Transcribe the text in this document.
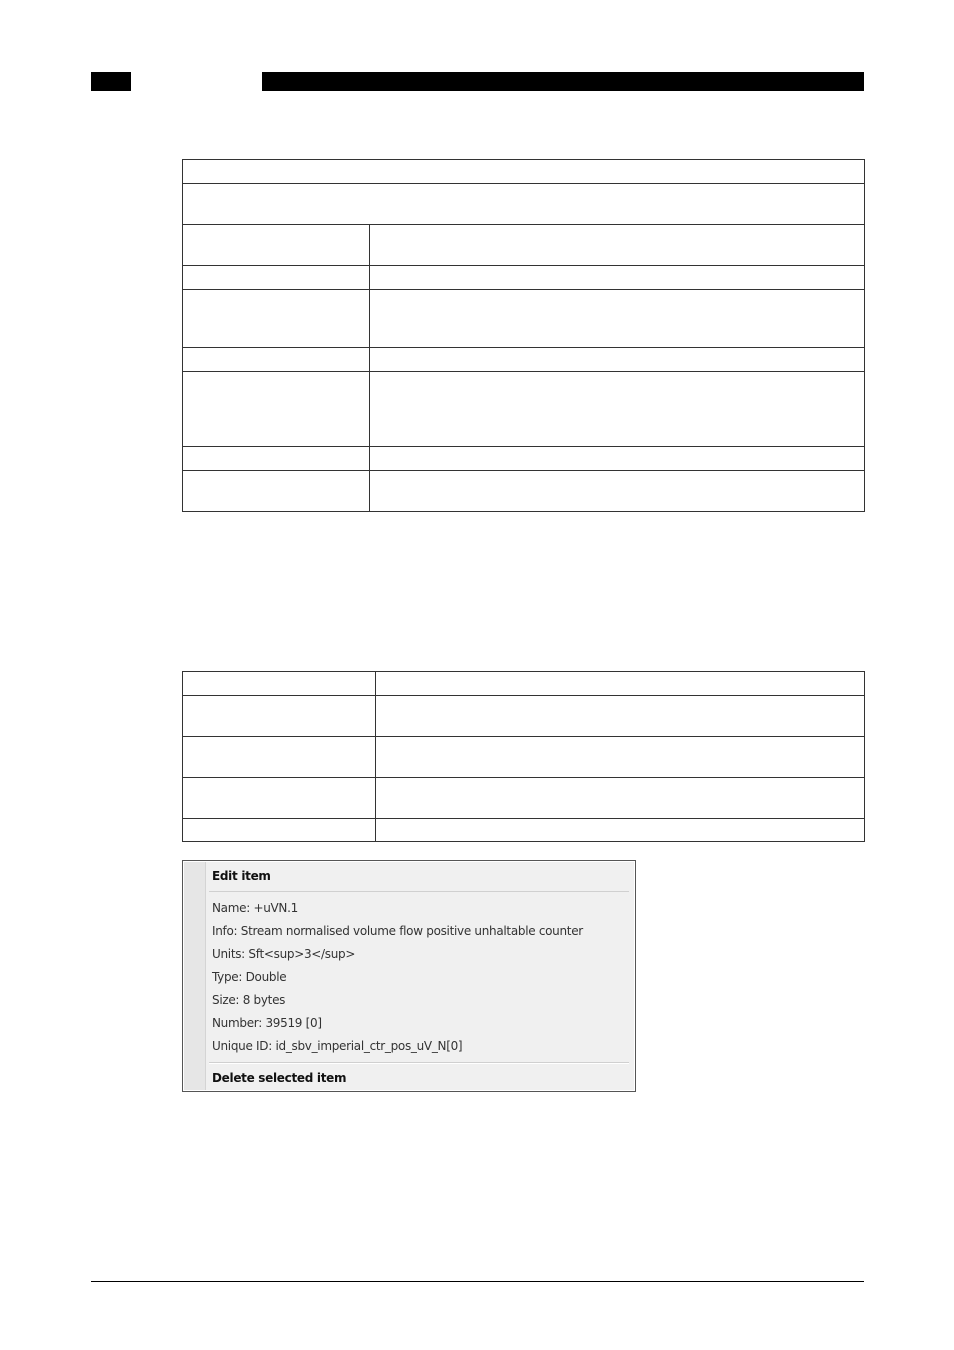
Edit item
Name: +uVN.1
Info: Stream normalised volume flow positive unhaltable counter
Units: Sft<sup>3</sup>
Type: Double
Size: 8 bytes
Number: 39519 [0]
Unique ID: id_sbv_imperial_ctr_pos_uV_N[0]
Delete selected item
